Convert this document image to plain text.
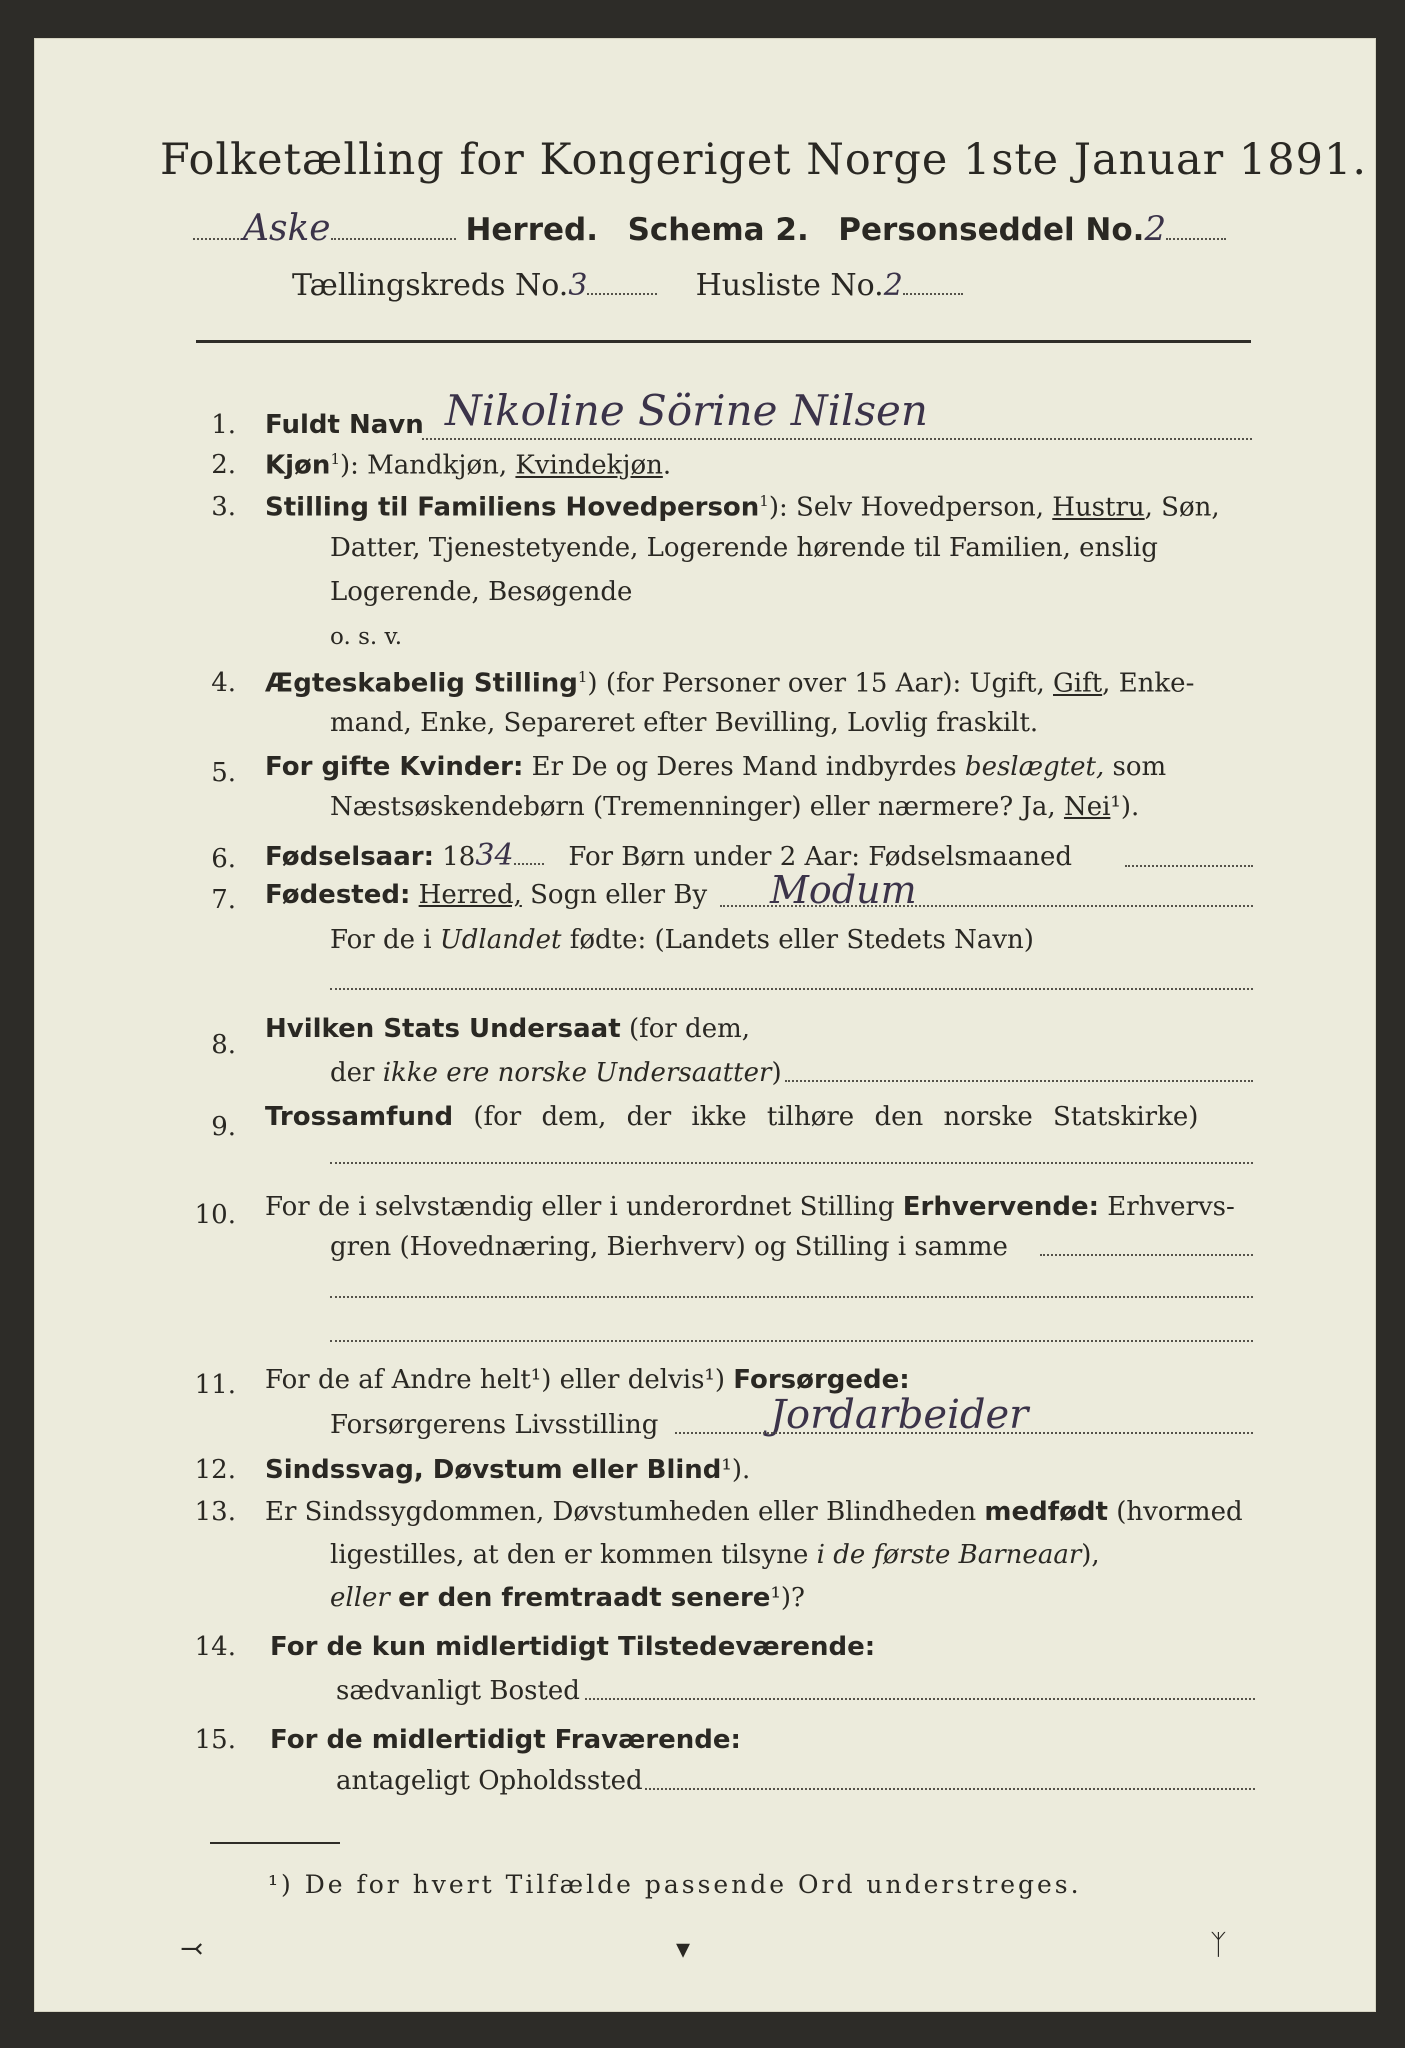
Folketælling for Kongeriget Norge 1ste Januar 1891.
Aske	Herred. Schema 2. Personseddel No.2
Tællingskreds No.3	Husliste No.2
1. Fuldt Navn Nikoline Sörine Nilsen
2. Kjøn$^1$): Mandkjøn, Kvindekjøn.
3. Stilling til Familiens Hovedperson$^1$): Selv Hovedperson, Hustru, Søn,
Datter, Tjenestetyende, Logerende hørende til Familien, enslig
Logerende, Besøgende
o. s. v.
4. Ægteskabelig Stilling$^1$) (for Personer over 15 Aar): Ugift, Gift, Enke-
mand, Enke, Separeret efter Bevilling, Lovlig fraskilt.
5. For gifte Kvinder: Er De og Deres Mand indbyrdes beslægtet, som
Næstsøskendebørn (Tremenninger) eller nærmere? Ja, Nei¹).
6. Fødselsaar: 1834 For Børn under 2 Aar: Fødselsmaaned
7. Fødested: Herred, Sogn eller By Modum
For de i Udlandet fødte: (Landets eller Stedets Navn)
8.
Hvilken Stats Undersaat (for dem,
der ikke ere norske Undersaatter)
9. Trossamfund (for dem, der ikke tilhøre den norske Statskirke)
10. For de i selvstændig eller i underordnet Stilling Erhvervende: Erhvervs-
gren (Hovednæring, Bierhverv) og Stilling i samme
11. For de af Andre helt¹) eller delvis¹) Forsørgede:
Forsørgerens Livsstilling	Jordarbeider
12. Sindssvag, Døvstum eller Blind¹).
13. Er Sindssygdommen, Døvstumheden eller Blindheden medfødt (hvormed
ligestilles, at den er kommen tilsyne i de første Barneaar),
eller er den fremtraadt senere¹)?
14. For de kun midlertidigt Tilstedeværende:
sædvanligt Bosted
15. For de midlertidigt Fraværende:
antageligt Opholdssted
¹) De for hvert Tilfælde passende Ord understreges.
⤙	▾	ᛉ
